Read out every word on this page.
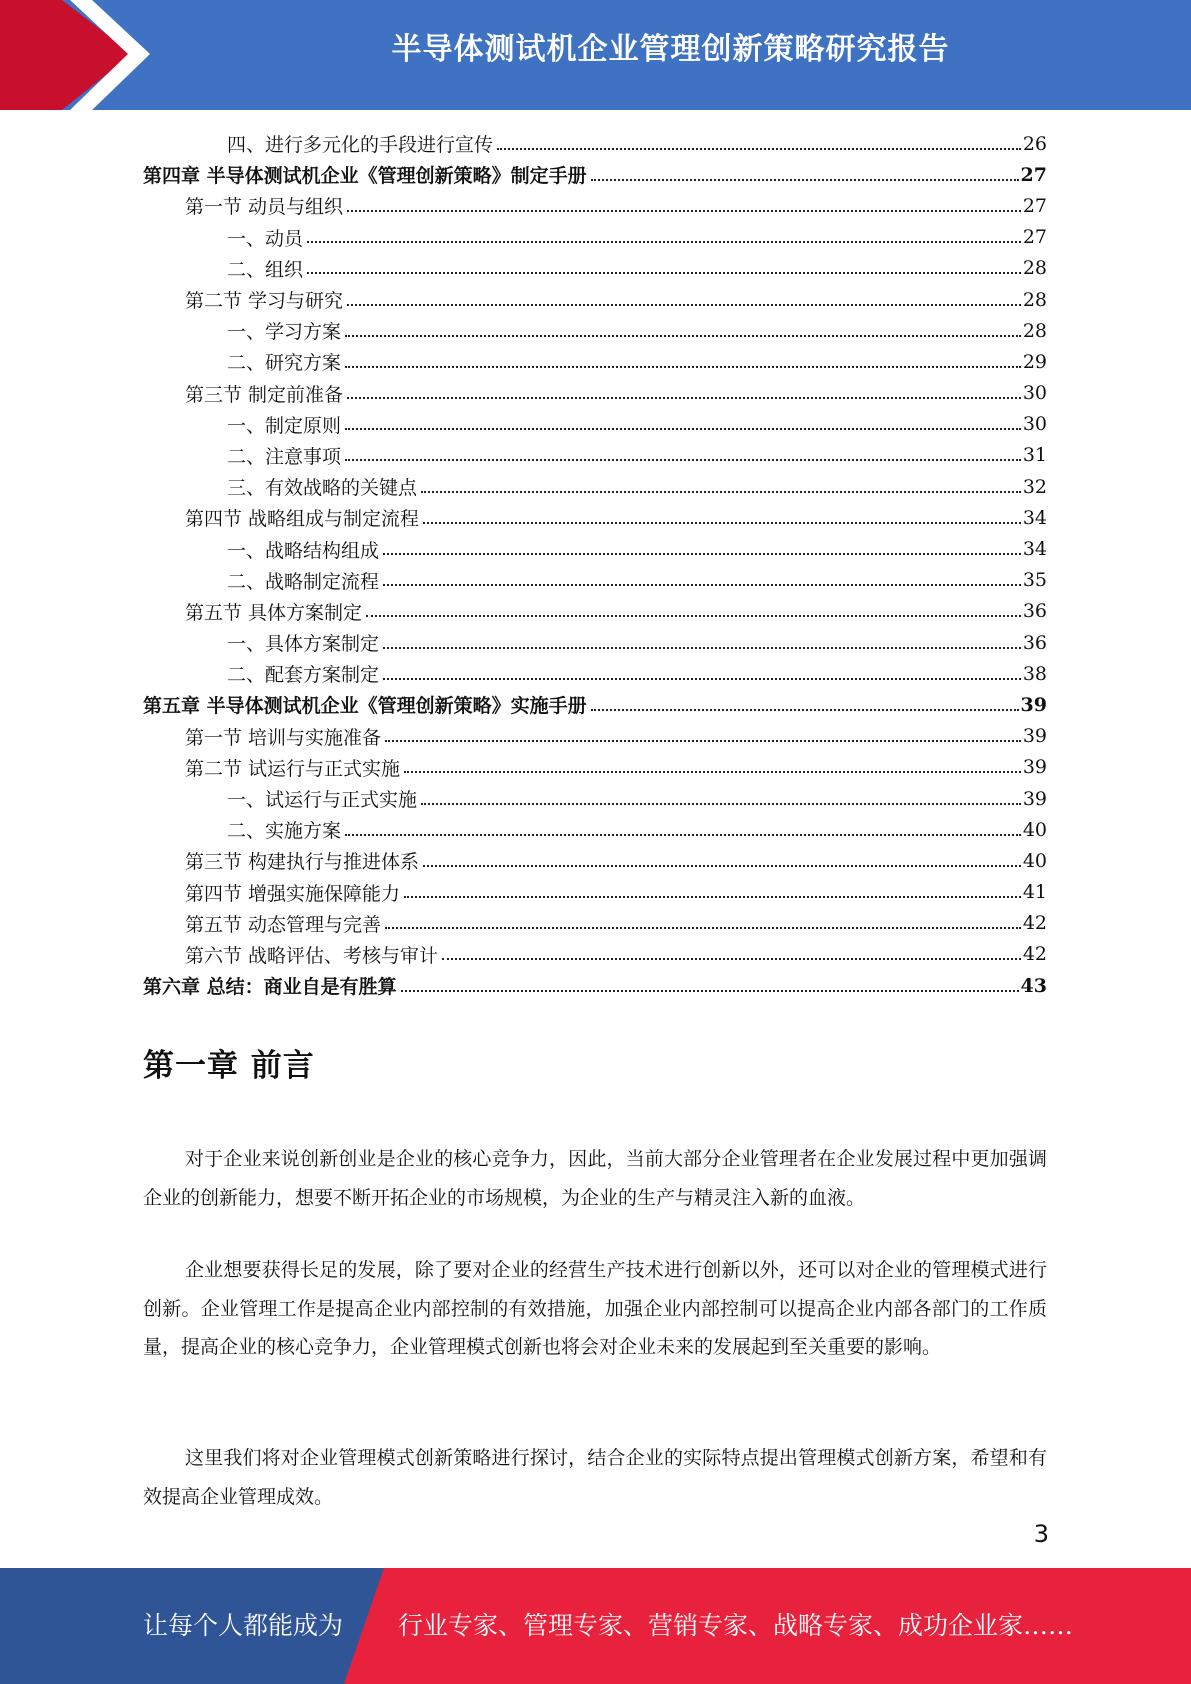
半导体测试机企业管理创新策略研究报告
四、进行多元化的手段进行宣传	26
第四章 半导体测试机企业《管理创新策略》制定手册	27
第一节 动员与组织	27
一、动员	27
二、组织	28
第二节 学习与研究	28
一、学习方案	28
二、研究方案	29
第三节 制定前准备	30
一、制定原则	30
二、注意事项	31
三、有效战略的关键点	32
第四节 战略组成与制定流程	34
一、战略结构组成	34
二、战略制定流程	35
第五节 具体方案制定	36
一、具体方案制定	36
二、配套方案制定	38
第五章 半导体测试机企业《管理创新策略》实施手册	39
第一节 培训与实施准备	39
第二节 试运行与正式实施	39
一、试运行与正式实施	39
二、实施方案	40
第三节 构建执行与推进体系	40
第四节 增强实施保障能力	41
第五节 动态管理与完善	42
第六节 战略评估、考核与审计	42
第六章 总结：商业自是有胜算	43
第一章 前言

对于企业来说创新创业是企业的核心竞争力，因此，当前大部分企业管理者在企业发展过程中更加强调企业的创新能力，想要不断开拓企业的市场规模，为企业的生产与精灵注入新的血液。

企业想要获得长足的发展，除了要对企业的经营生产技术进行创新以外，还可以对企业的管理模式进行创新。企业管理工作是提高企业内部控制的有效措施，加强企业内部控制可以提高企业内部各部门的工作质量，提高企业的核心竞争力，企业管理模式创新也将会对企业未来的发展起到至关重要的影响。

这里我们将对企业管理模式创新策略进行探讨，结合企业的实际特点提出管理模式创新方案，希望和有效提高企业管理成效。

3
让每个人都能成为 行业专家、管理专家、营销专家、战略专家、成功企业家……
